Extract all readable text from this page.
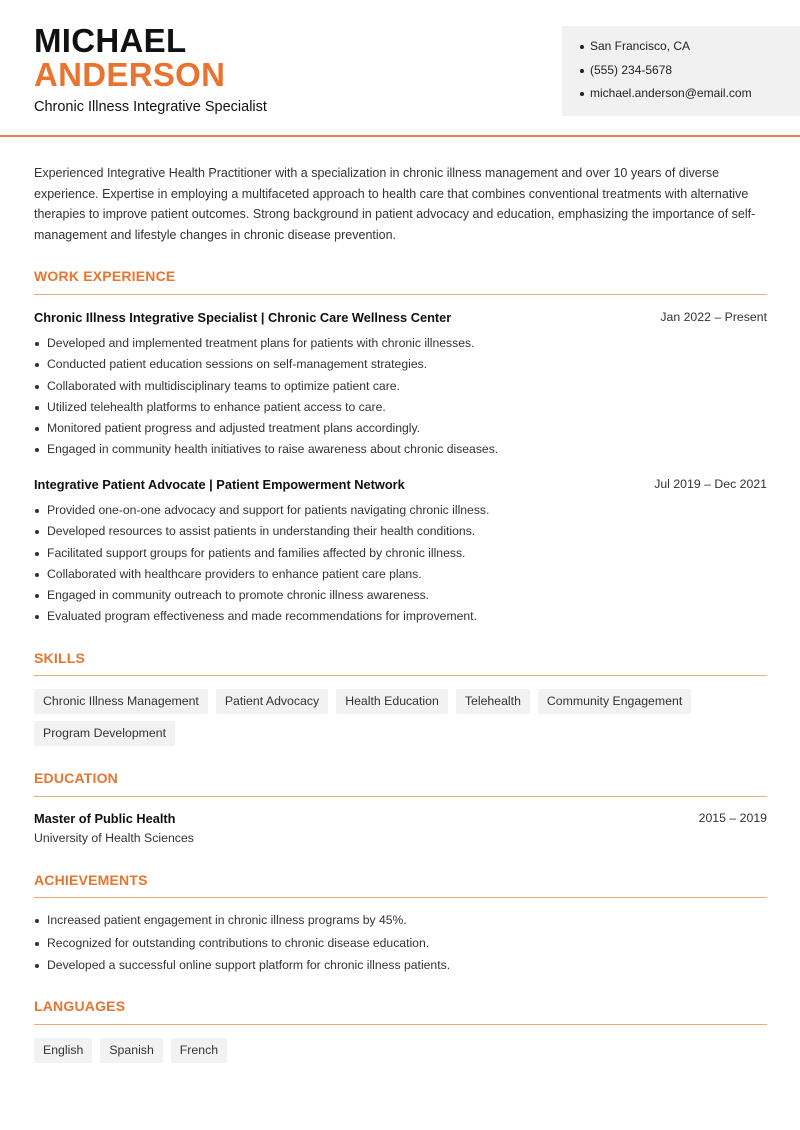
MICHAEL
ANDERSON
Chronic Illness Integrative Specialist
San Francisco, CA
(555) 234-5678
michael.anderson@email.com

Experienced Integrative Health Practitioner with a specialization in chronic illness management and over 10 years of diverse experience. Expertise in employing a multifaceted approach to health care that combines conventional treatments with alternative therapies to improve patient outcomes. Strong background in patient advocacy and education, emphasizing the importance of self-management and lifestyle changes in chronic disease prevention.

WORK EXPERIENCE
Chronic Illness Integrative Specialist | Chronic Care Wellness Center	Jan 2022 – Present
Developed and implemented treatment plans for patients with chronic illnesses.
Conducted patient education sessions on self-management strategies.
Collaborated with multidisciplinary teams to optimize patient care.
Utilized telehealth platforms to enhance patient access to care.
Monitored patient progress and adjusted treatment plans accordingly.
Engaged in community health initiatives to raise awareness about chronic diseases.
Integrative Patient Advocate | Patient Empowerment Network	Jul 2019 – Dec 2021
Provided one-on-one advocacy and support for patients navigating chronic illness.
Developed resources to assist patients in understanding their health conditions.
Facilitated support groups for patients and families affected by chronic illness.
Collaborated with healthcare providers to enhance patient care plans.
Engaged in community outreach to promote chronic illness awareness.
Evaluated program effectiveness and made recommendations for improvement.
SKILLS
Chronic Illness Management	Patient Advocacy	Health Education	Telehealth	Community Engagement
Program Development
EDUCATION
Master of Public Health
University of Health Sciences
2015 – 2019
ACHIEVEMENTS
Increased patient engagement in chronic illness programs by 45%.
Recognized for outstanding contributions to chronic disease education.
Developed a successful online support platform for chronic illness patients.
LANGUAGES
English	Spanish	French
